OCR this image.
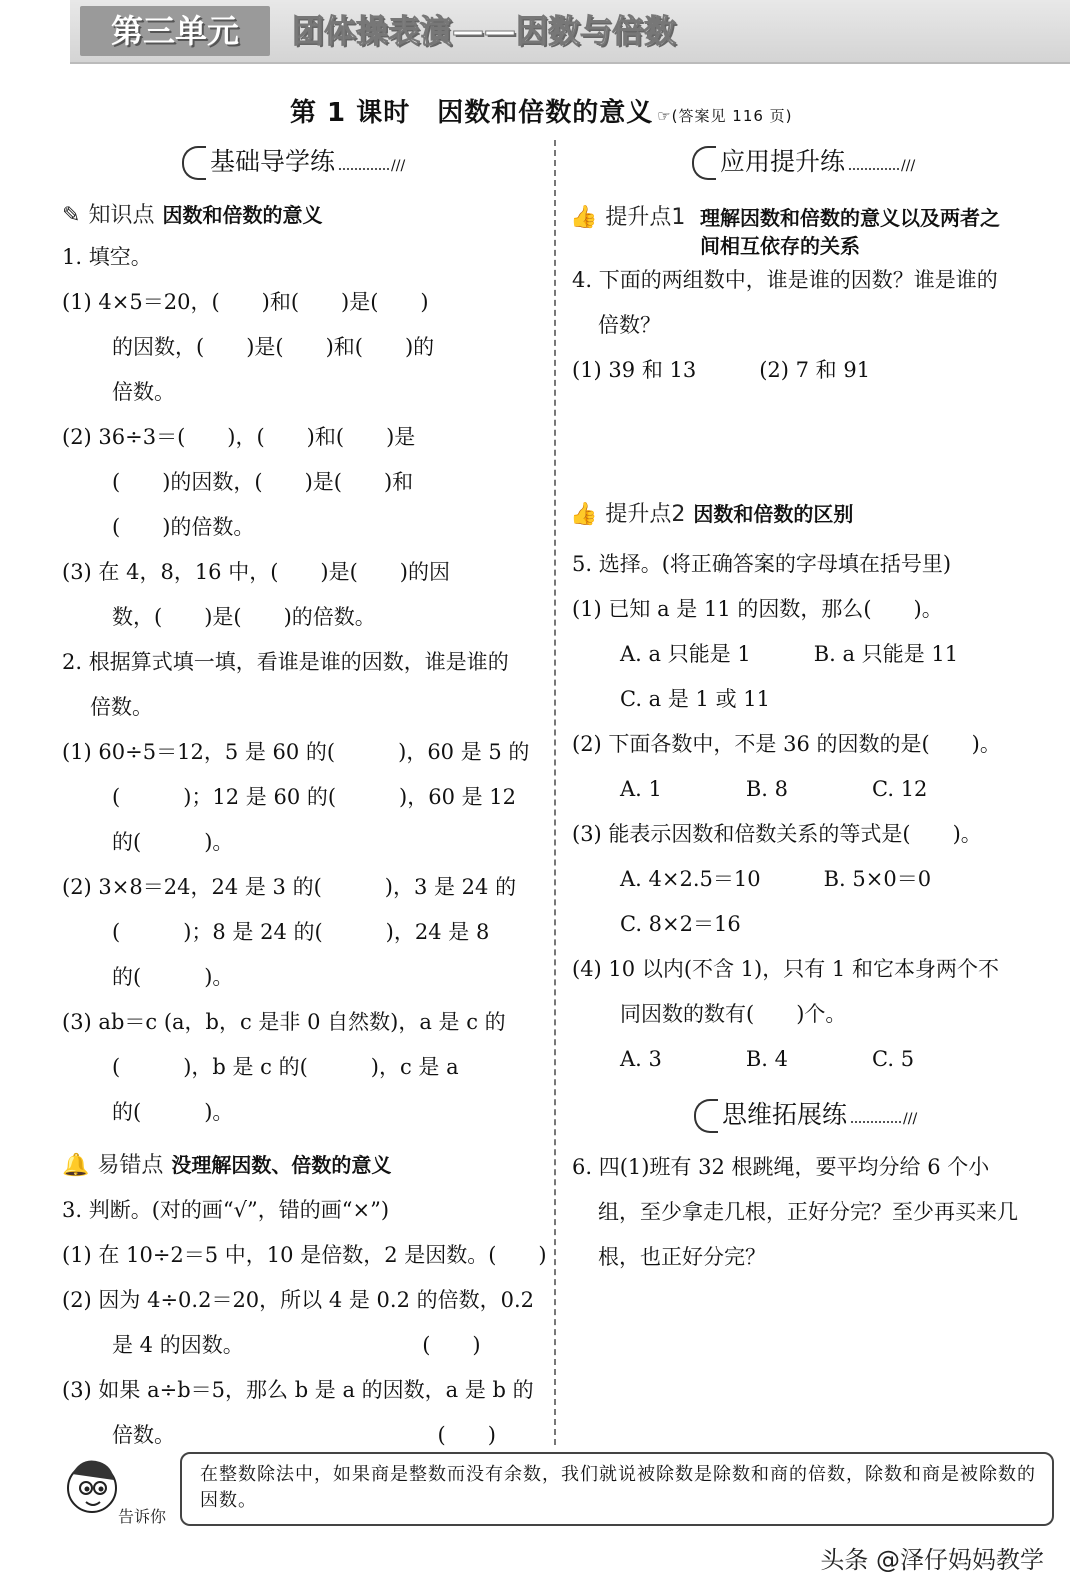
第三单元	团体操表演——因数与倍数
第 1 课时　因数和倍数的意义 ☞(答案见 116 页)
基础导学练	///	应用提升练	///
思维拓展练	///
✎ 知识点 因数和倍数的意义
🔔 易错点 没理解因数、倍数的意义
👍 提升点1 理解因数和倍数的意义以及两者之
间相互依存的关系
👍 提升点2 因数和倍数的区别
1. 填空。
(1) 4×5＝20，(　　)和(　　)是(　　)
的因数，(　　)是(　　)和(　　)的
倍数。
(2) 36÷3＝(　　)，(　　)和(　　)是
(　　)的因数，(　　)是(　　)和
(　　)的倍数。
(3) 在 4，8，16 中，(　　)是(　　)的因
数，(　　)是(　　)的倍数。
2. 根据算式填一填，看谁是谁的因数，谁是谁的
倍数。
(1) 60÷5＝12，5 是 60 的(　　　)，60 是 5 的
(　　　)；12 是 60 的(　　　)，60 是 12
的(　　　)。
(2) 3×8＝24，24 是 3 的(　　　)，3 是 24 的
(　　　)；8 是 24 的(　　　)，24 是 8
的(　　　)。
(3) ab＝c (a，b，c 是非 0 自然数)，a 是 c 的
(　　　)，b 是 c 的(　　　)，c 是 a
的(　　　)。
3. 判断。(对的画“√”，错的画“×”)
(1) 在 10÷2＝5 中，10 是倍数，2 是因数。(　　)
(2) 因为 4÷0.2＝20，所以 4 是 0.2 的倍数，0.2
是 4 的因数。　　　　　　　　　(　　)
(3) 如果 a÷b＝5，那么 b 是 a 的因数，a 是 b 的
倍数。　　　　　　　　　　　　　(　　)
4. 下面的两组数中，谁是谁的因数？谁是谁的
倍数？
(1) 39 和 13　　　(2) 7 和 91
5. 选择。(将正确答案的字母填在括号里)
(1) 已知 a 是 11 的因数，那么(　　)。
A. a 只能是 1　　　B. a 只能是 11
C. a 是 1 或 11
(2) 下面各数中，不是 36 的因数的是(　　)。
A. 1　　　　B. 8　　　　C. 12
(3) 能表示因数和倍数关系的等式是(　　)。
A. 4×2.5＝10　　　B. 5×0＝0
C. 8×2＝16
(4) 10 以内(不含 1)，只有 1 和它本身两个不
同因数的数有(　　)个。
A. 3　　　　B. 4　　　　C. 5
6. 四(1)班有 32 根跳绳，要平均分给 6 个小
组，至少拿走几根，正好分完？至少再买来几
根，也正好分完？
告诉你
在整数除法中，如果商是整数而没有余数，我们就说被除数是除数和商的倍数，除数和商是被除数的因数。
头条 @泽仔妈妈教学
